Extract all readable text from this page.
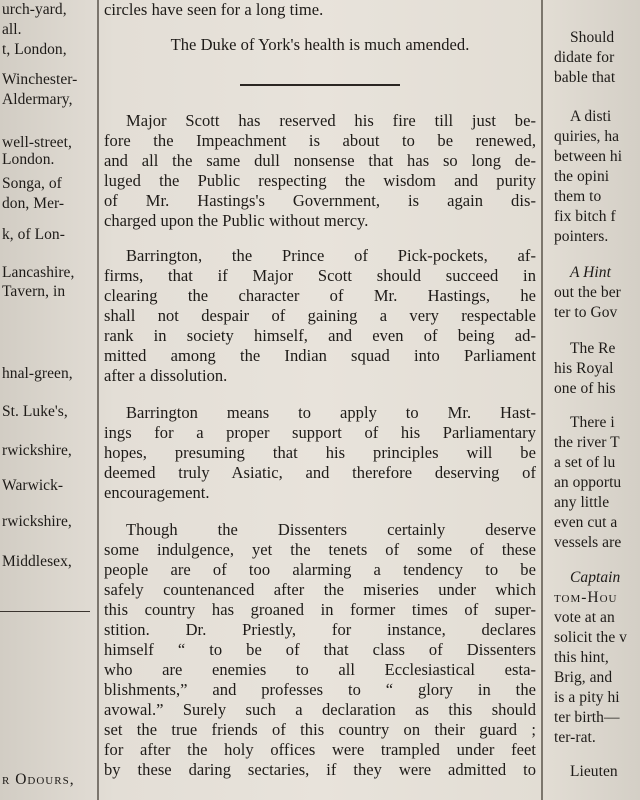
urch-yard,
all.
t, London,
Winchester-
Aldermary,
well-street,
London.
Songa, of
don, Mer-
k, of Lon-
Lancashire,
Tavern, in
hnal-green,
St. Luke's,
rwickshire,
Warwick-
rwickshire,
Middlesex,
r Odours,
circles have seen for a long time.
The Duke of York's health is much amended.
Major Scott has reserved his fire till just be-
fore the Impeachment is about to be renewed,
and all the same dull nonsense that has so long de-
luged the Public respecting the wisdom and purity
of Mr. Hastings's Government, is again dis-
charged upon the Public without mercy.
Barrington, the Prince of Pick-pockets, af-
firms, that if Major Scott should succeed in
clearing the character of Mr. Hastings, he
shall not despair of gaining a very respectable
rank in society himself, and even of being ad-
mitted among the Indian squad into Parliament
after a dissolution.
Barrington means to apply to Mr. Hast-
ings for a proper support of his Parliamentary
hopes, presuming that his principles will be
deemed truly Asiatic, and therefore deserving of
encouragement.
Though the Dissenters certainly deserve
some indulgence, yet the tenets of some of these
people are of too alarming a tendency to be
safely countenanced after the miseries under which
this country has groaned in former times of super-
stition. Dr. Priestly, for instance, declares
himself “ to be of that class of Dissenters
who are enemies to all Ecclesiastical esta-
blishments,” and professes to “ glory in the
avowal.” Surely such a declaration as this should
set the true friends of this country on their guard ;
for after the holy offices were trampled under feet
by these daring sectaries, if they were admitted to
Should
didate for
bable that
A disti
quiries, ha
between hi
the opini
them to
fix bitch f
pointers.
A Hint
out the ber
ter to Gov
The Re
his Royal
one of his
There i
the river T
a set of lu
an opportu
any little
even cut a
vessels are
Captain
tom-Hou
vote at an
solicit the v
this hint,
Brig, and
is a pity hi
ter birth—
ter-rat.
Lieuten
